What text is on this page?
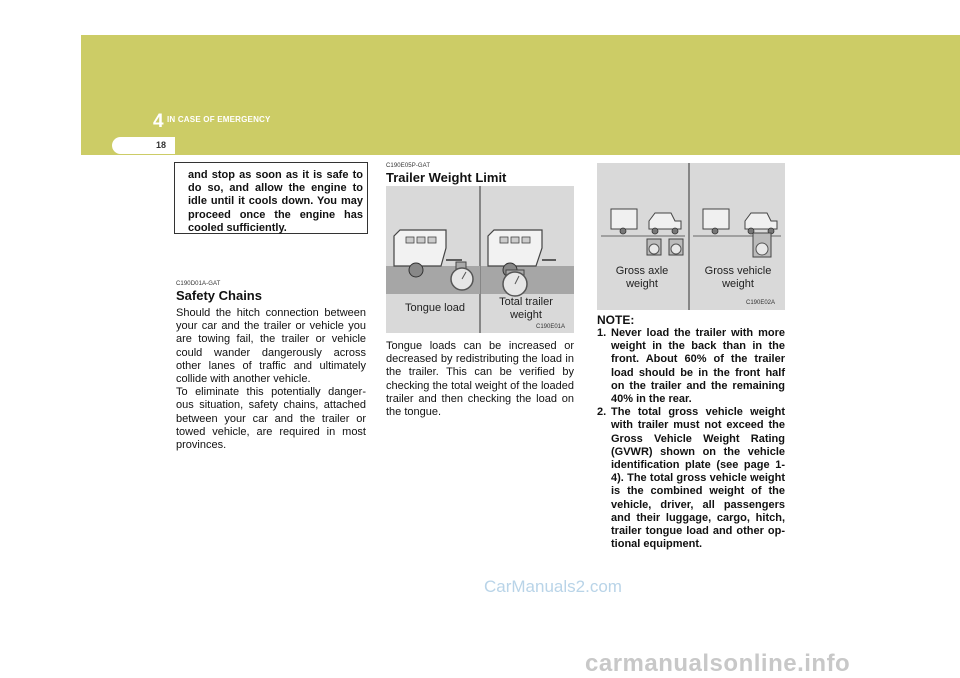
4 IN CASE OF EMERGENCY
18
and stop as soon as it is safe to do so, and allow the engine to idle until it cools down. You may proceed once the engine has cooled sufficiently.
C190D01A-GAT
Safety Chains
Should the hitch connection between your car and the trailer or vehicle you are towing fail, the trailer or vehicle could wander dangerously across other lanes of traffic and ultimately collide with another vehicle.
To eliminate this potentially danger-ous situation, safety chains, attached between your car and the trailer or towed vehicle, are required in most provinces.
C190E05P-GAT
Trailer Weight Limit
Tongue load	Total trailer
weight
C190E01A
Tongue loads can be increased or decreased by redistributing the load in the trailer. This can be verified by checking the total weight of the loaded trailer and then checking the load on the tongue.
Gross axle
weight
Gross vehicle
weight
C190E02A
NOTE:
1. Never load the trailer with more weight in the back than in the front. About 60% of the trailer load should be in the front half on the trailer and the remaining 40% in the rear.
2. The total gross vehicle weight with trailer must not exceed the Gross Vehicle Weight Rating (GVWR) shown on the vehicle identification plate (see page 1-4). The total gross vehicle weight is the combined weight of the vehicle, driver, all passengers and their luggage, cargo, hitch, trailer tongue load and other op-tional equipment.
CarManuals2.com
carmanualsonline.info
